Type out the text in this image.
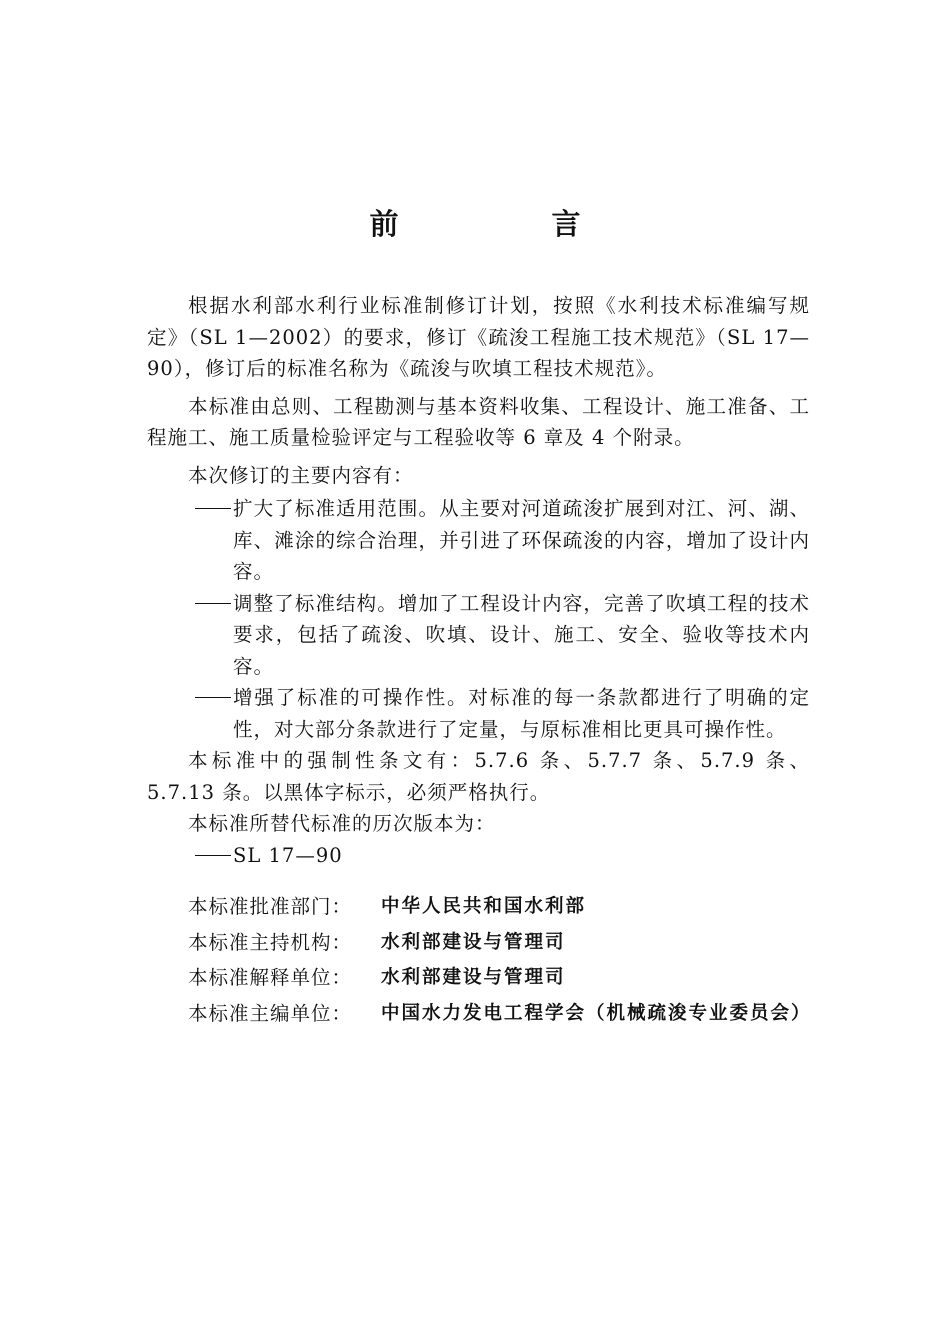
前　言

根据水利部水利行业标准制修订计划，按照《水利技术标准编写规定》（SL 1—2002）的要求，修订《疏浚工程施工技术规范》（SL 17—90），修订后的标准名称为《疏浚与吹填工程技术规范》。

本标准由总则、工程勘测与基本资料收集、工程设计、施工准备、工程施工、施工质量检验评定与工程验收等 6 章及 4 个附录。

本次修订的主要内容有：

扩大了标准适用范围。从主要对河道疏浚扩展到对江、河、湖、库、滩涂的综合治理，并引进了环保疏浚的内容，增加了设计内容。
调整了标准结构。增加了工程设计内容，完善了吹填工程的技术要求，包括了疏浚、吹填、设计、施工、安全、验收等技术内容。
增强了标准的可操作性。对标准的每一条款都进行了明确的定性，对大部分条款进行了定量，与原标准相比更具可操作性。

本标准中的强制性条文有：5.7.6 条、5.7.7 条、5.7.9 条、5.7.13 条。以黑体字标示，必须严格执行。

本标准所替代标准的历次版本为：

SL 17—90
本标准批准部门：	中华人民共和国水利部
本标准主持机构：	水利部建设与管理司
本标准解释单位：	水利部建设与管理司
本标准主编单位：	中国水力发电工程学会（机械疏浚专业委员会）
